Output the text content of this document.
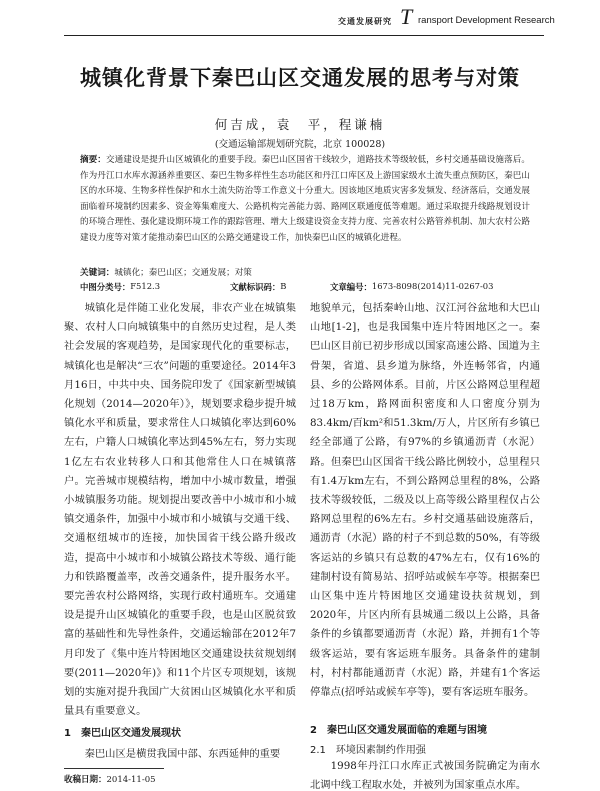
交通发展研究 T ransport Development Research
城镇化背景下秦巴山区交通发展的思考与对策
何吉成，袁　平，程谦楠
(交通运输部规划研究院，北京 100028)
摘要：交通建设是提升山区城镇化的重要手段。秦巴山区国省干线较少，道路技术等级较低，乡村交通基础设施落后。作为丹江口水库水源涵养重要区、秦巴生物多样性生态功能区和丹江口库区及上游国家级水土流失重点预防区，秦巴山区的水环境、生物多样性保护和水土流失防治等工作意义十分重大。因该地区地质灾害多发频发、经济落后，交通发展面临着环境制约因素多、资金筹集难度大、公路机构完善能力弱、路网区联通度低等难题。通过采取提升线路规划设计的环境合理性、强化建设期环境工作的跟踪管理、增大上级建设资金支持力度、完善农村公路管养机制、加大农村公路建设力度等对策才能推动秦巴山区的公路交通建设工作，加快秦巴山区的城镇化进程。
关键词：城镇化；秦巴山区；交通发展；对策
中图分类号： F512.3	文献标识码： B	文章编号： 1673-8098(2014)11-0267-03

城镇化是伴随工业化发展，非农产业在城镇集聚、农村人口向城镇集中的自然历史过程，是人类社会发展的客观趋势，是国家现代化的重要标志，城镇化也是解决“三农”问题的重要途径。2014年3月16日，中共中央、国务院印发了《国家新型城镇化规划（2014—2020年）》，规划要求稳步提升城镇化水平和质量，要求常住人口城镇化率达到60%左右，户籍人口城镇化率达到45%左右，努力实现1亿左右农业转移人口和其他常住人口在城镇落户。完善城市规模结构，增加中小城市数量，增强小城镇服务功能。规划提出要改善中小城市和小城镇交通条件，加强中小城市和小城镇与交通干线、交通枢纽城市的连接，加快国省干线公路升级改造，提高中小城市和小城镇公路技术等级、通行能力和铁路覆盖率，改善交通条件，提升服务水平。要完善农村公路网络，实现行政村通班车。交通建设是提升山区城镇化的重要手段，也是山区脱贫致富的基础性和先导性条件，交通运输部在2012年7月印发了《集中连片特困地区交通建设扶贫规划纲要(2011—2020年)》和11个片区专项规划，该规划的实施对提升我国广大贫困山区城镇化水平和质量具有重要意义。

1　秦巴山区交通发展现状
秦巴山区是横贯我国中部、东西延伸的重要

地貌单元，包括秦岭山地、汉江河谷盆地和大巴山山地[1-2]，也是我国集中连片特困地区之一。秦巴山区目前已初步形成以国家高速公路、国道为主骨架，省道、县乡道为脉络，外连畅邻省，内通县、乡的公路网体系。目前，片区公路网总里程超过18万km，路网面积密度和人口密度分别为83.4km/百km²和51.3km/万人，片区所有乡镇已经全部通了公路，有97%的乡镇通沥青（水泥）路。但秦巴山区国省干线公路比例较小，总里程只有1.4万km左右，不到公路网总里程的8%，公路技术等级较低，二级及以上高等级公路里程仅占公路网总里程的6%左右。乡村交通基础设施落后，通沥青（水泥）路的村子不到总数的50%，有等级客运站的乡镇只有总数的47%左右，仅有16%的建制村设有简易站、招呼站或候车亭等。根据秦巴山区集中连片特困地区交通建设扶贫规划，到2020年，片区内所有县城通二级以上公路，具备条件的乡镇都要通沥青（水泥）路，并拥有1个等级客运站，要有客运班车服务。具备条件的建制村，村村都能通沥青（水泥）路，并建有1个客运停靠点(招呼站或候车亭等)，要有客运班车服务。

2　秦巴山区交通发展面临的难题与困境
2.1　环境因素制约作用强

1998年丹江口水库正式被国务院确定为南水北调中线工程取水处，并被列为国家重点水库。

收稿日期：2014-11-05
